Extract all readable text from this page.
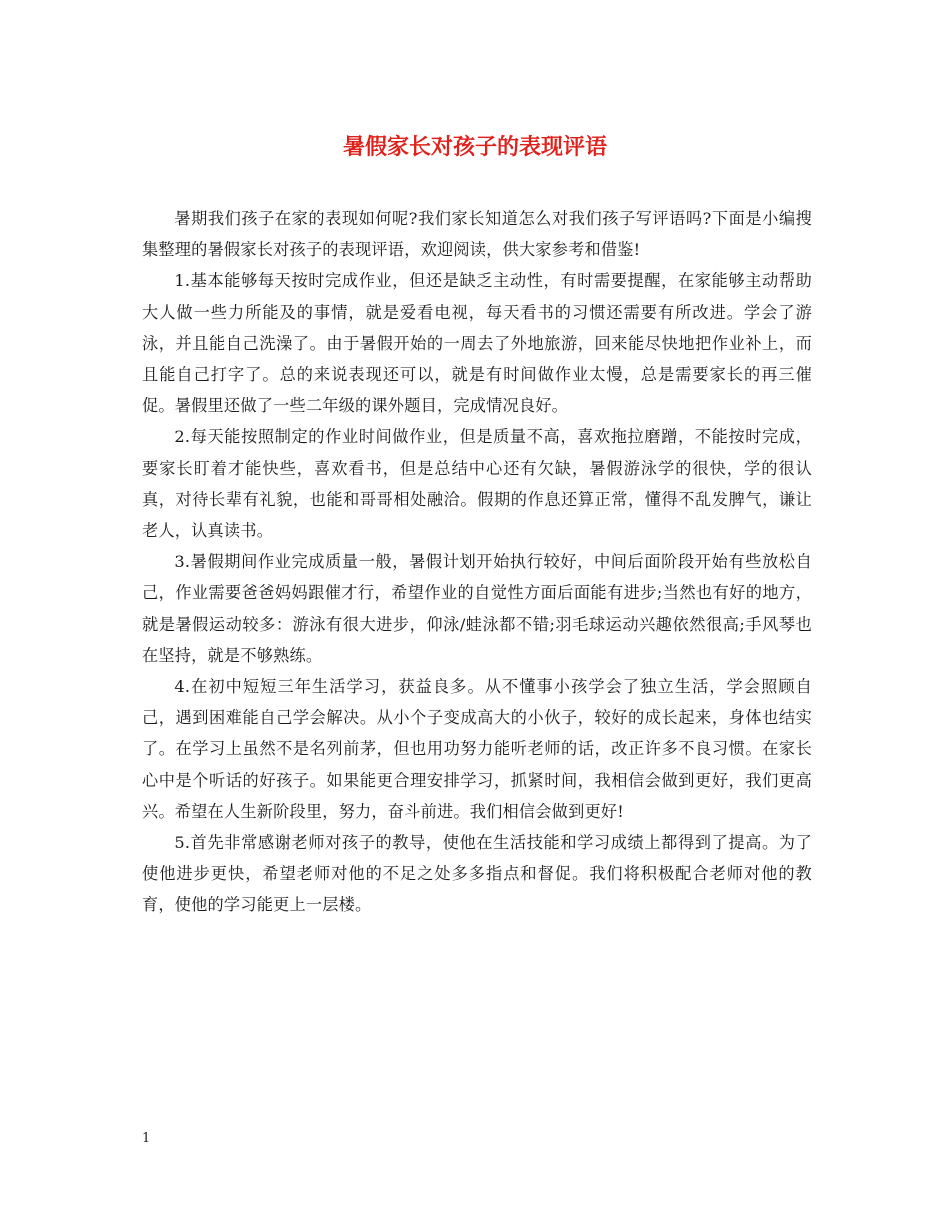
暑假家长对孩子的表现评语

暑期我们孩子在家的表现如何呢?我们家长知道怎么对我们孩子写评语吗?下面是小编搜集整理的暑假家长对孩子的表现评语，欢迎阅读，供大家参考和借鉴!

1.基本能够每天按时完成作业，但还是缺乏主动性，有时需要提醒，在家能够主动帮助大人做一些力所能及的事情，就是爱看电视，每天看书的习惯还需要有所改进。学会了游泳，并且能自己洗澡了。由于暑假开始的一周去了外地旅游，回来能尽快地把作业补上，而且能自己打字了。总的来说表现还可以，就是有时间做作业太慢，总是需要家长的再三催促。暑假里还做了一些二年级的课外题目，完成情况良好。

2.每天能按照制定的作业时间做作业，但是质量不高，喜欢拖拉磨蹭，不能按时完成，要家长盯着才能快些，喜欢看书，但是总结中心还有欠缺，暑假游泳学的很快，学的很认真，对待长辈有礼貌，也能和哥哥相处融洽。假期的作息还算正常，懂得不乱发脾气，谦让老人，认真读书。

3.暑假期间作业完成质量一般，暑假计划开始执行较好，中间后面阶段开始有些放松自己，作业需要爸爸妈妈跟催才行，希望作业的自觉性方面后面能有进步;当然也有好的地方，就是暑假运动较多：游泳有很大进步，仰泳/蛙泳都不错;羽毛球运动兴趣依然很高;手风琴也在坚持，就是不够熟练。

4.在初中短短三年生活学习，获益良多。从不懂事小孩学会了独立生活，学会照顾自己，遇到困难能自己学会解决。从小个子变成高大的小伙子，较好的成长起来，身体也结实了。在学习上虽然不是名列前茅，但也用功努力能听老师的话，改正许多不良习惯。在家长心中是个听话的好孩子。如果能更合理安排学习，抓紧时间，我相信会做到更好，我们更高兴。希望在人生新阶段里，努力，奋斗前进。我们相信会做到更好!

5.首先非常感谢老师对孩子的教导，使他在生活技能和学习成绩上都得到了提高。为了使他进步更快，希望老师对他的不足之处多多指点和督促。我们将积极配合老师对他的教育，使他的学习能更上一层楼。

1
